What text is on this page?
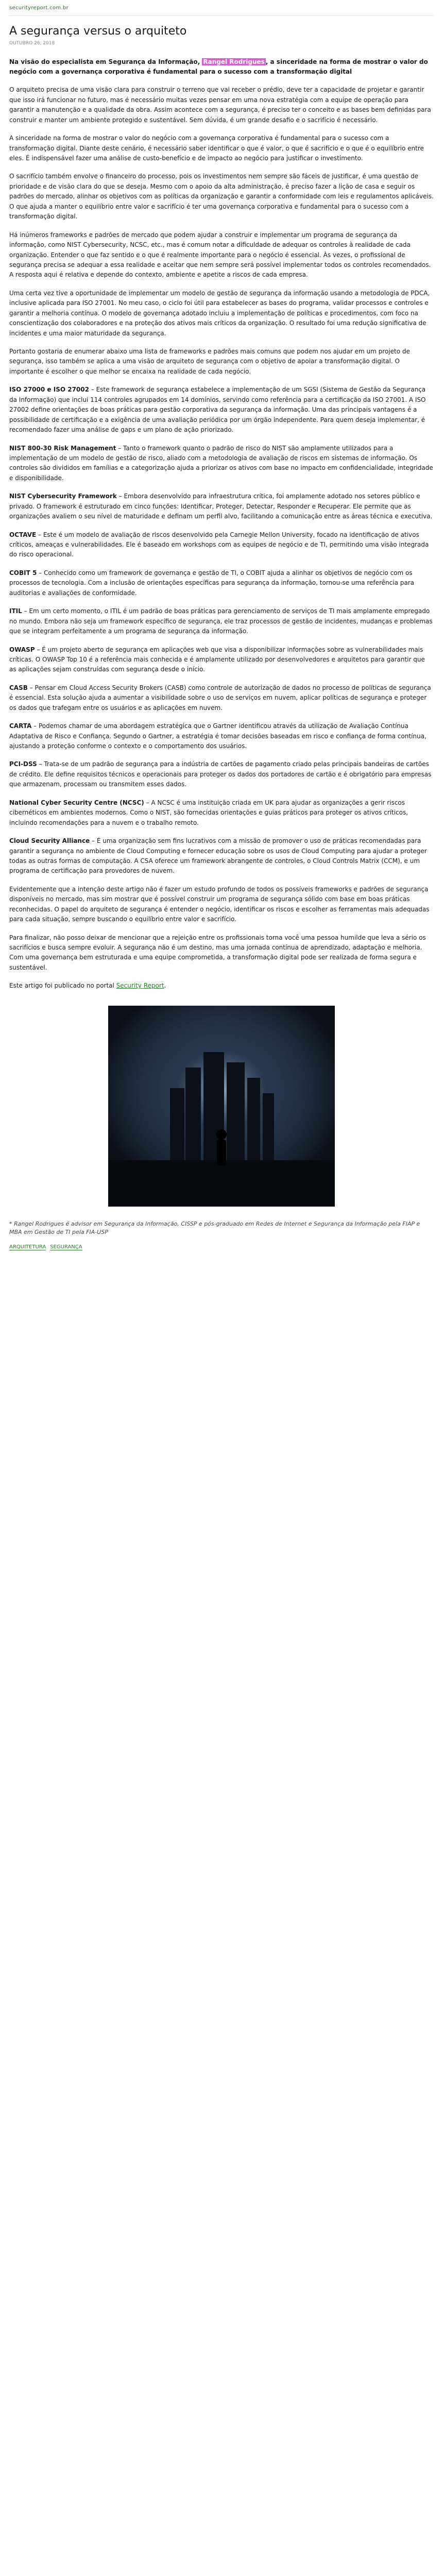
securityreport.com.br
A segurança versus o arquiteto
OUTUBRO 26, 2018

Na visão do especialista em Segurança da Informação, Rangel Rodrigues , a sinceridade na forma de mostrar o valor do negócio com a governança corporativa é fundamental para o sucesso com a transformação digital

O arquiteto precisa de uma visão clara para construir o terreno que vai receber o prédio, deve ter a capacidade de projetar e garantir que isso irá funcionar no futuro, mas é necessário muitas vezes pensar em uma nova estratégia com a equipe de operação para garantir a manutenção e a qualidade da obra. Assim acontece com a segurança, é preciso ter o conceito e as bases bem definidas para construir e manter um ambiente protegido e sustentável. Sem dúvida, é um grande desafio e o sacrifício é necessário.

A sinceridade na forma de mostrar o valor do negócio com a governança corporativa é fundamental para o sucesso com a transformação digital. Diante deste cenário, é necessário saber identificar o que é valor, o que é sacrifício e o que é o equilíbrio entre eles. É indispensável fazer uma análise de custo-benefício e de impacto ao negócio para justificar o investimento.

O sacrifício também envolve o financeiro do processo, pois os investimentos nem sempre são fáceis de justificar, é uma questão de prioridade e de visão clara do que se deseja. Mesmo com o apoio da alta administração, é preciso fazer a lição de casa e seguir os padrões do mercado, alinhar os objetivos com as políticas da organização e garantir a conformidade com leis e regulamentos aplicáveis. O que ajuda a manter o equilíbrio entre valor e sacrifício é ter uma governança corporativa e fundamental para o sucesso com a transformação digital.

Há inúmeros frameworks e padrões de mercado que podem ajudar a construir e implementar um programa de segurança da informação, como NIST Cybersecurity, NCSC, etc., mas é comum notar a dificuldade de adequar os controles à realidade de cada organização. Entender o que faz sentido e o que é realmente importante para o negócio é essencial. Às vezes, o profissional de segurança precisa se adequar a essa realidade e aceitar que nem sempre será possível implementar todos os controles recomendados. A resposta aqui é relativa e depende do contexto, ambiente e apetite a riscos de cada empresa.

Uma certa vez tive a oportunidade de implementar um modelo de gestão de segurança da informação usando a metodologia de PDCA, inclusive aplicada para ISO 27001. No meu caso, o ciclo foi útil para estabelecer as bases do programa, validar processos e controles e garantir a melhoria contínua. O modelo de governança adotado incluiu a implementação de políticas e procedimentos, com foco na conscientização dos colaboradores e na proteção dos ativos mais críticos da organização. O resultado foi uma redução significativa de incidentes e uma maior maturidade da segurança.

Portanto gostaria de enumerar abaixo uma lista de frameworks e padrões mais comuns que podem nos ajudar em um projeto de segurança, isso também se aplica a uma visão de arquiteto de segurança com o objetivo de apoiar a transformação digital. O importante é escolher o que melhor se encaixa na realidade de cada negócio.

ISO 27000 e ISO 27002 – Este framework de segurança estabelece a implementação de um SGSI (Sistema de Gestão da Segurança da Informação) que inclui 114 controles agrupados em 14 domínios, servindo como referência para a certificação da ISO 27001. A ISO 27002 define orientações de boas práticas para gestão corporativa da segurança da informação. Uma das principais vantagens é a possibilidade de certificação e a exigência de uma avaliação periódica por um órgão independente. Para quem deseja implementar, é recomendado fazer uma análise de gaps e um plano de ação priorizado.

NIST 800-30 Risk Management – Tanto o framework quanto o padrão de risco do NIST são amplamente utilizados para a implementação de um modelo de gestão de risco, aliado com a metodologia de avaliação de riscos em sistemas de informação. Os controles são divididos em famílias e a categorização ajuda a priorizar os ativos com base no impacto em confidencialidade, integridade e disponibilidade.

NIST Cybersecurity Framework – Embora desenvolvido para infraestrutura crítica, foi amplamente adotado nos setores público e privado. O framework é estruturado em cinco funções: Identificar, Proteger, Detectar, Responder e Recuperar. Ele permite que as organizações avaliem o seu nível de maturidade e definam um perfil alvo, facilitando a comunicação entre as áreas técnica e executiva.

OCTAVE – Este é um modelo de avaliação de riscos desenvolvido pela Carnegie Mellon University, focado na identificação de ativos críticos, ameaças e vulnerabilidades. Ele é baseado em workshops com as equipes de negócio e de TI, permitindo uma visão integrada do risco operacional.

COBIT 5 – Conhecido como um framework de governança e gestão de TI, o COBIT ajuda a alinhar os objetivos de negócio com os processos de tecnologia. Com a inclusão de orientações específicas para segurança da informação, tornou-se uma referência para auditorias e avaliações de conformidade.

ITIL – Em um certo momento, o ITIL é um padrão de boas práticas para gerenciamento de serviços de TI mais amplamente empregado no mundo. Embora não seja um framework específico de segurança, ele traz processos de gestão de incidentes, mudanças e problemas que se integram perfeitamente a um programa de segurança da informação.

OWASP – É um projeto aberto de segurança em aplicações web que visa a disponibilizar informações sobre as vulnerabilidades mais críticas. O OWASP Top 10 é a referência mais conhecida e é amplamente utilizado por desenvolvedores e arquitetos para garantir que as aplicações sejam construídas com segurança desde o início.

CASB – Pensar em Cloud Access Security Brokers (CASB) como controle de autorização de dados no processo de políticas de segurança é essencial. Esta solução ajuda a aumentar a visibilidade sobre o uso de serviços em nuvem, aplicar políticas de segurança e proteger os dados que trafegam entre os usuários e as aplicações em nuvem.

CARTA – Podemos chamar de uma abordagem estratégica que o Gartner identificou através da utilização de Avaliação Contínua Adaptativa de Risco e Confiança. Segundo o Gartner, a estratégia é tomar decisões baseadas em risco e confiança de forma contínua, ajustando a proteção conforme o contexto e o comportamento dos usuários.

PCI-DSS – Trata-se de um padrão de segurança para a indústria de cartões de pagamento criado pelas principais bandeiras de cartões de crédito. Ele define requisitos técnicos e operacionais para proteger os dados dos portadores de cartão e é obrigatório para empresas que armazenam, processam ou transmitem esses dados.

National Cyber Security Centre (NCSC) – A NCSC é uma instituição criada em UK para ajudar as organizações a gerir riscos cibernéticos em ambientes modernos. Como o NIST, são fornecidas orientações e guias práticos para proteger os ativos críticos, incluindo recomendações para a nuvem e o trabalho remoto.

Cloud Security Alliance – É uma organização sem fins lucrativos com a missão de promover o uso de práticas recomendadas para garantir a segurança no ambiente de Cloud Computing e fornecer educação sobre os usos de Cloud Computing para ajudar a proteger todas as outras formas de computação. A CSA oferece um framework abrangente de controles, o Cloud Controls Matrix (CCM), e um programa de certificação para provedores de nuvem.

Evidentemente que a intenção deste artigo não é fazer um estudo profundo de todos os possíveis frameworks e padrões de segurança disponíveis no mercado, mas sim mostrar que é possível construir um programa de segurança sólido com base em boas práticas reconhecidas. O papel do arquiteto de segurança é entender o negócio, identificar os riscos e escolher as ferramentas mais adequadas para cada situação, sempre buscando o equilíbrio entre valor e sacrifício.

Para finalizar, não posso deixar de mencionar que a rejeição entre os profissionais torna você uma pessoa humilde que leva a sério os sacrifícios e busca sempre evoluir. A segurança não é um destino, mas uma jornada contínua de aprendizado, adaptação e melhoria. Com uma governança bem estruturada e uma equipe comprometida, a transformação digital pode ser realizada de forma segura e sustentável.

Este artigo foi publicado no portal Security Report.

* Rangel Rodrigues é advisor em Segurança da Informação, CISSP e pós-graduado em Redes de Internet e Segurança da Informação pela FIAP e MBA em Gestão de TI pela FIA-USP

ARQUITETURA SEGURANÇA
